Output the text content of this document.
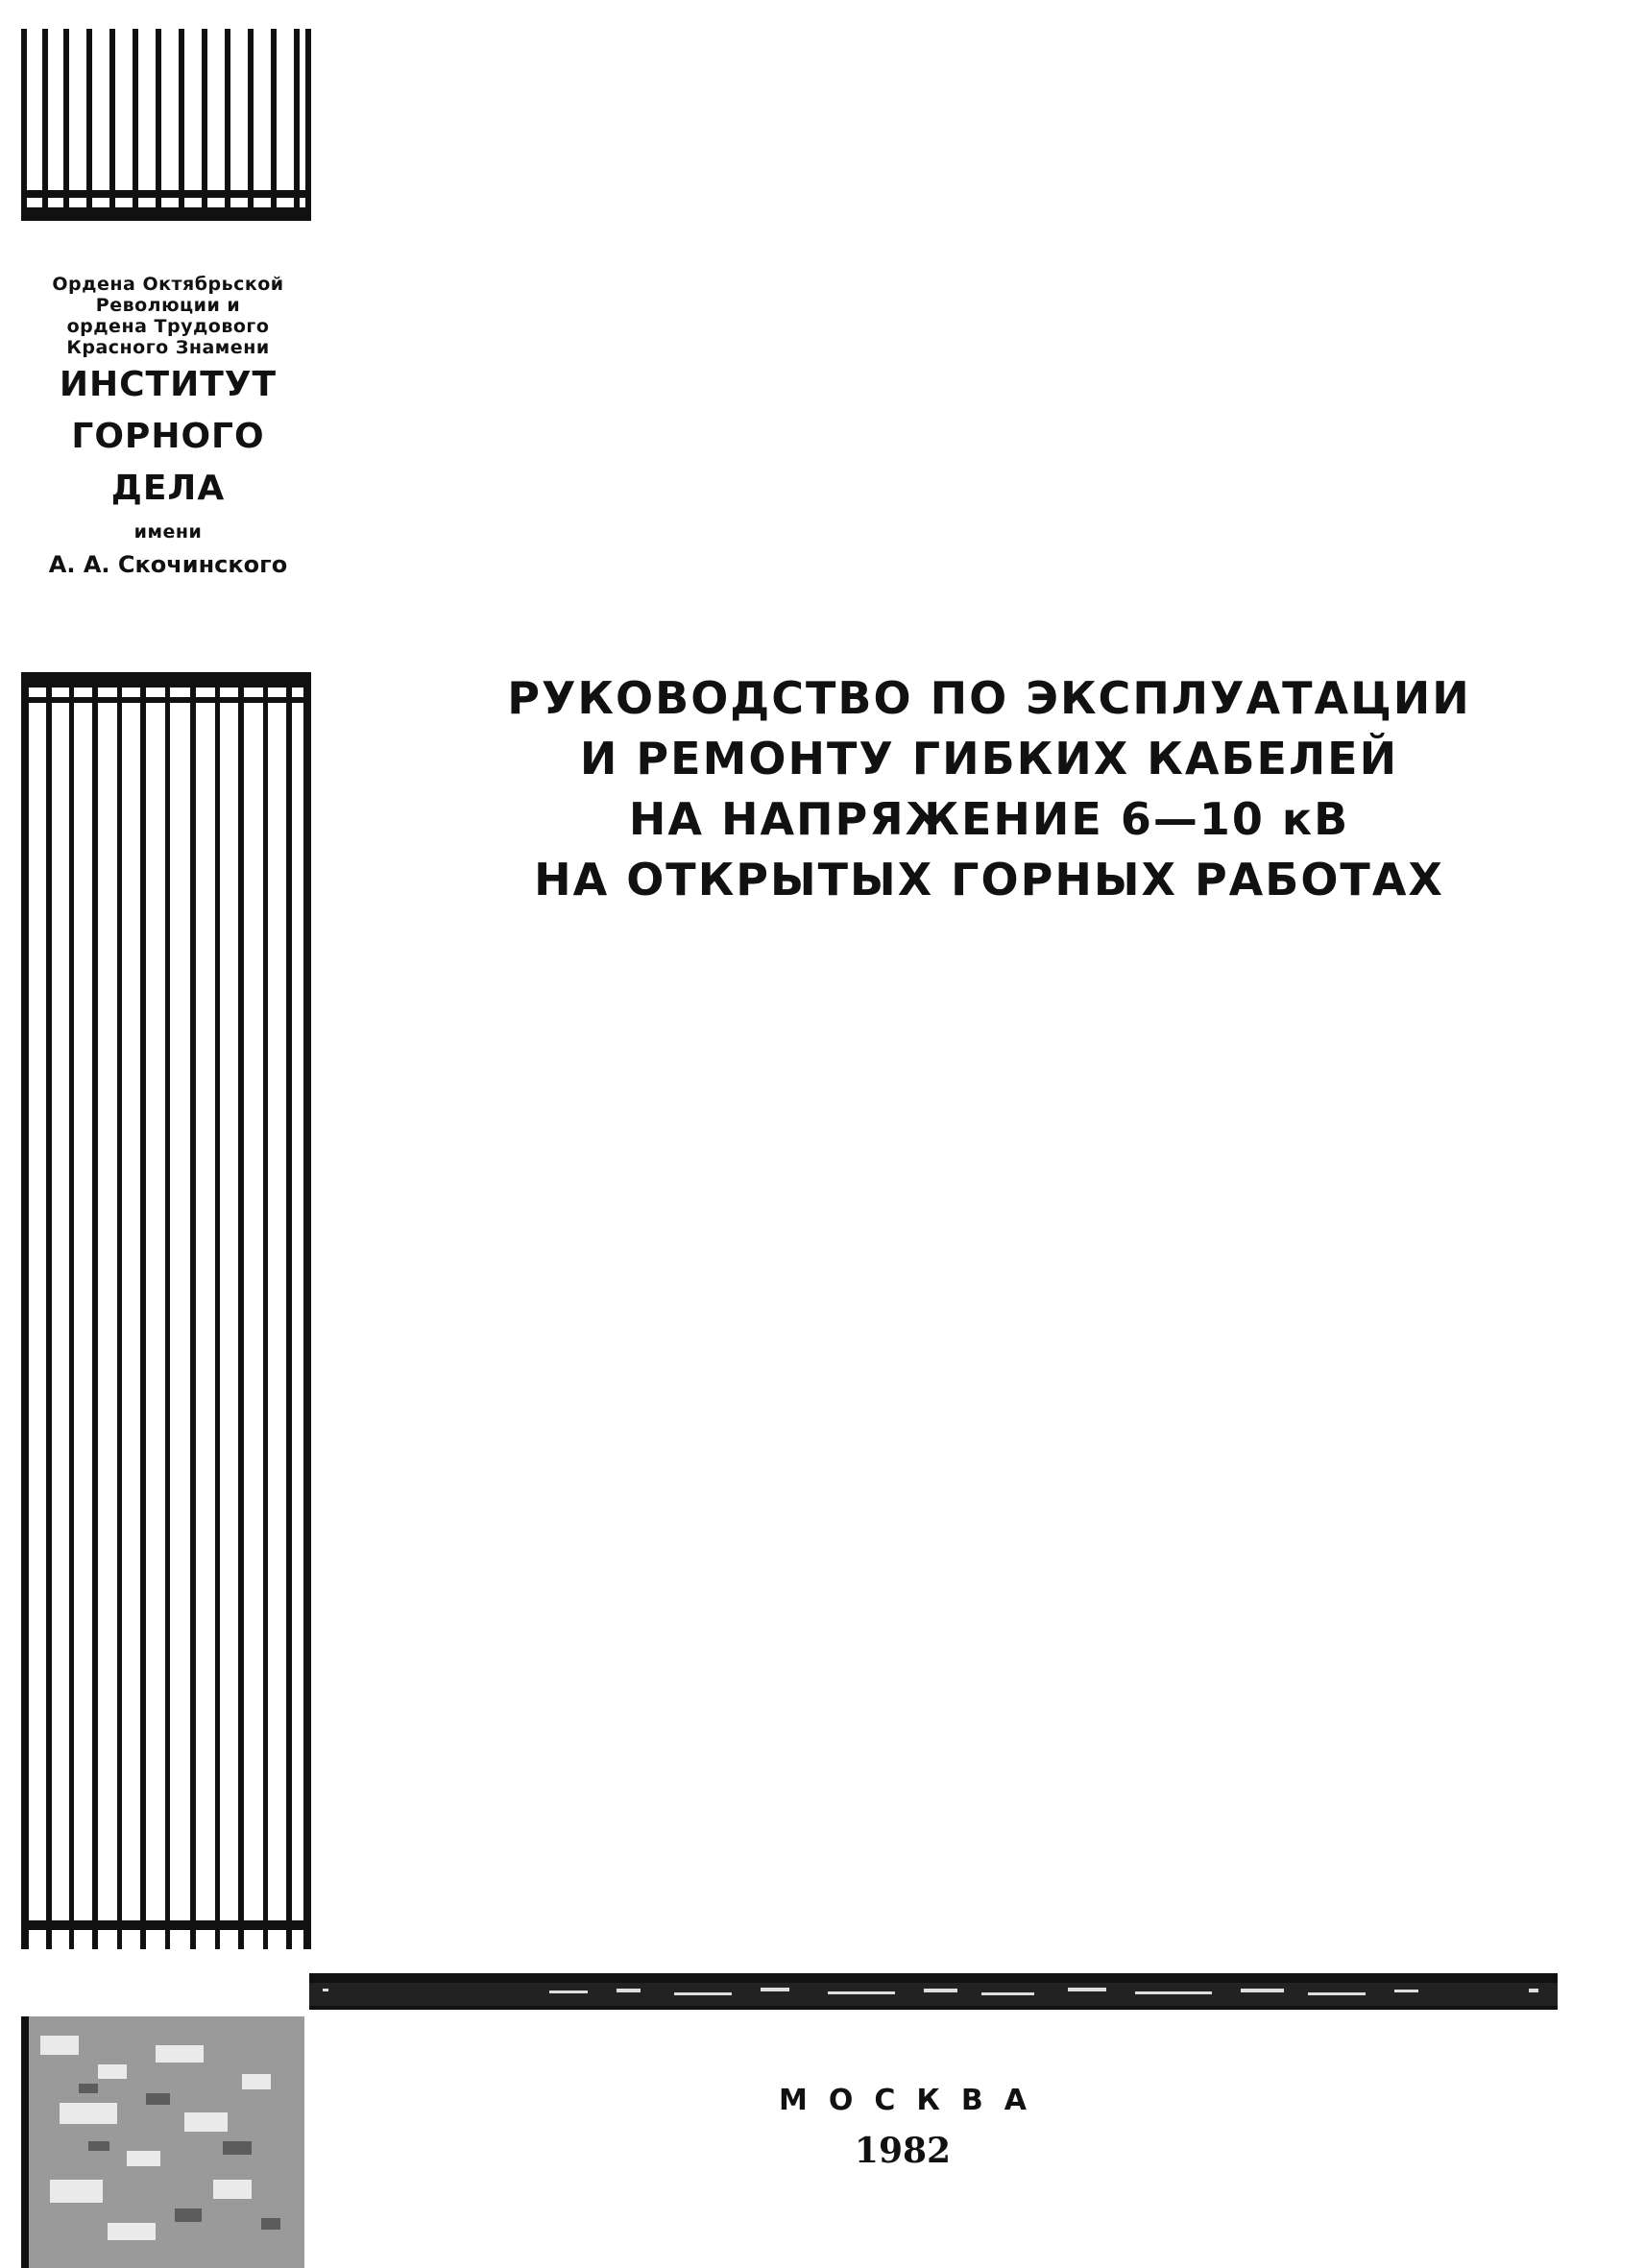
Ордена Октябрьской
Революции и
ордена Трудового
Красного Знамени
ИНСТИТУТ
ГОРНОГО
ДЕЛА
имени
А. А. Скочинского
РУКОВОДСТВО ПО ЭКСПЛУАТАЦИИ
И РЕМОНТУ ГИБКИХ КАБЕЛЕЙ
НА НАПРЯЖЕНИЕ 6—10 кВ
НА ОТКРЫТЫХ ГОРНЫХ РАБОТАХ
МОСКВА
1982
